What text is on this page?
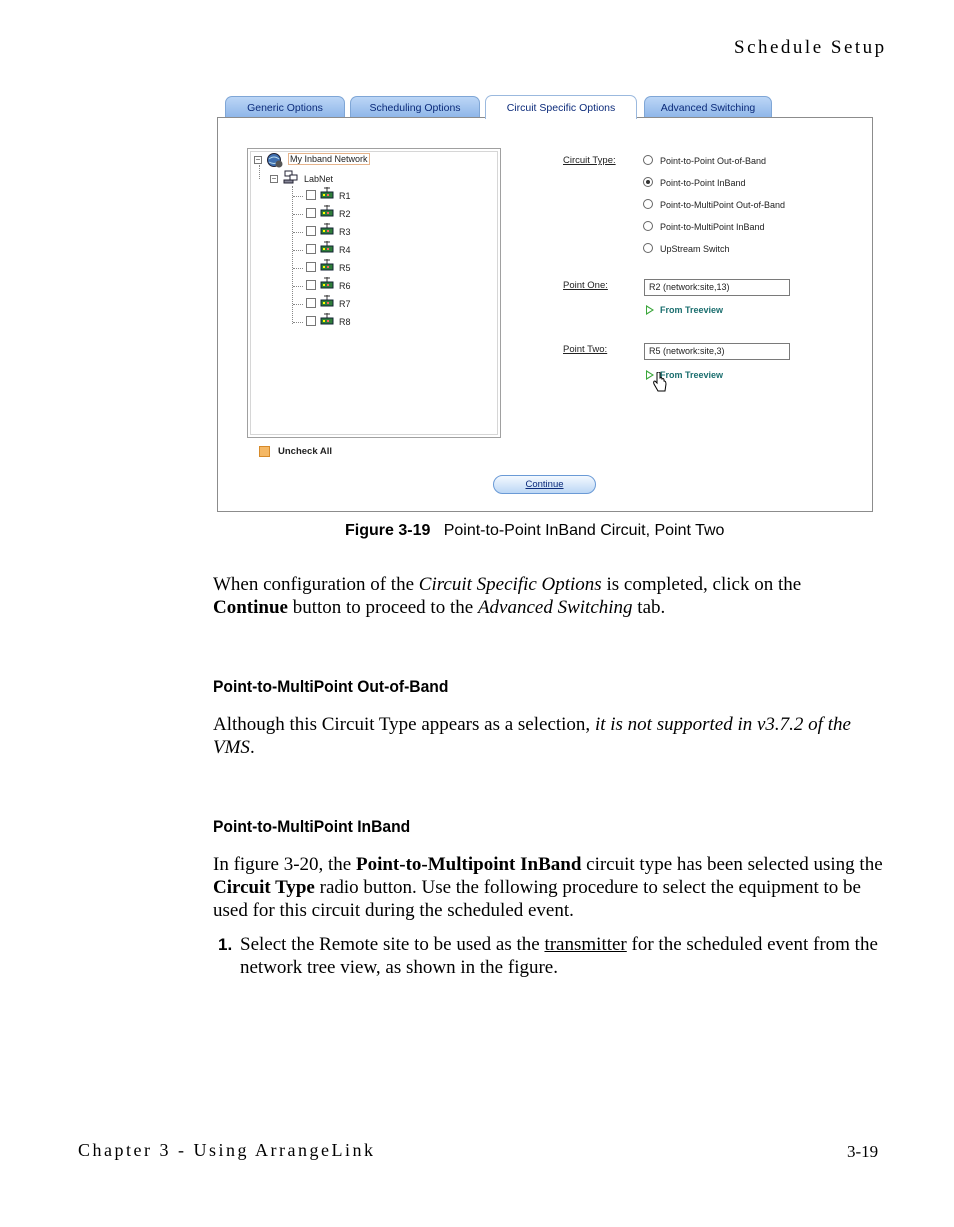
Schedule Setup
Generic Options	Scheduling Options	Circuit Specific Options	Advanced Switching
−	My Inband Network
−	LabNet
R1
R2
R3
R4
R5
R6
R7
R8
Uncheck All
Circuit Type:	Point-to-Point Out-of-Band
Point-to-Point InBand
Point-to-MultiPoint Out-of-Band
Point-to-MultiPoint InBand
UpStream Switch
Point One:	R2 (network:site,13)
From Treeview
Point Two:	R5 (network:site,3)
From Treeview
Continue
Figure 3-19 Point-to-Point InBand Circuit, Point Two
When configuration of the Circuit Specific Options is completed, click on the
Continue button to proceed to the Advanced Switching tab.
Point-to-MultiPoint Out-of-Band
Although this Circuit Type appears as a selection, it is not supported in v3.7.2 of the VMS.
Point-to-MultiPoint InBand
In figure 3-20, the Point-to-Multipoint InBand circuit type has been selected using the Circuit Type radio button. Use the following procedure to select the equipment to be used for this circuit during the scheduled event.
1. Select the Remote site to be used as the transmitter for the scheduled event from the network tree view, as shown in the figure.
Chapter 3 - Using ArrangeLink	3-19
